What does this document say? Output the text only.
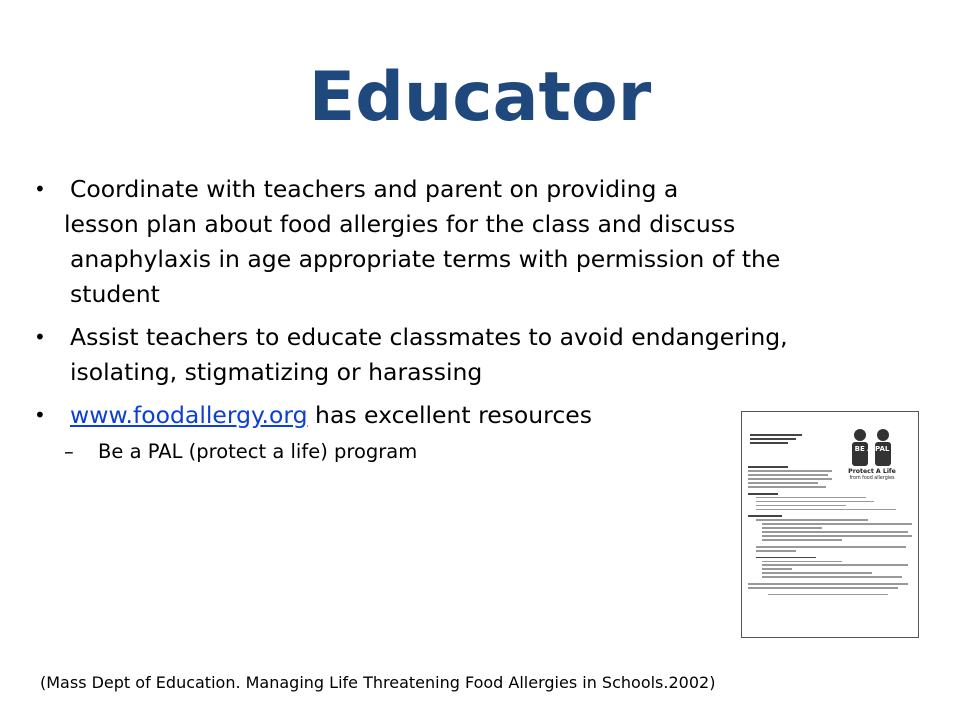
Educator
• Coordinate with teachers and parent on providing a
lesson plan about food allergies for the class and discuss
anaphylaxis in age appropriate terms with permission of the
student
• Assist teachers to educate classmates to avoid endangering,
isolating, stigmatizing or harassing
• www.foodallergy.org has excellent resources
– Be a PAL (protect a life) program	BE A PAL
Protect A Life
from food allergies
(Mass Dept of Education. Managing Life Threatening Food Allergies in Schools.2002)
